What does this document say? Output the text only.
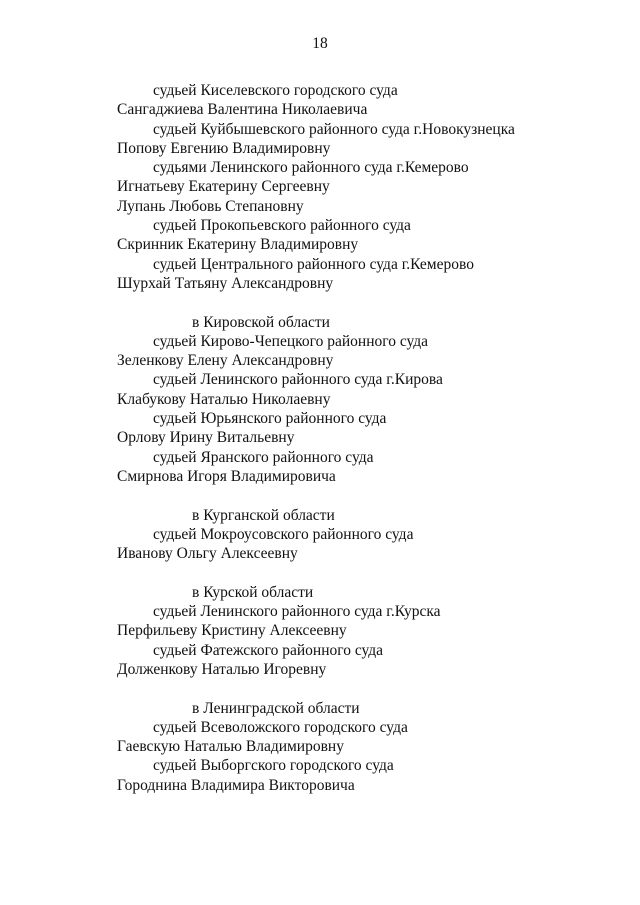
18
судьей Киселевского городского суда
Сангаджиева Валентина Николаевича
судьей Куйбышевского районного суда г.Новокузнецка
Попову Евгению Владимировну
судьями Ленинского районного суда г.Кемерово
Игнатьеву Екатерину Сергеевну
Лупань Любовь Степановну
судьей Прокопьевского районного суда
Скринник Екатерину Владимировну
судьей Центрального районного суда г.Кемерово
Шурхай Татьяну Александровну
в Кировской области
судьей Кирово-Чепецкого районного суда
Зеленкову Елену Александровну
судьей Ленинского районного суда г.Кирова
Клабукову Наталью Николаевну
судьей Юрьянского районного суда
Орлову Ирину Витальевну
судьей Яранского районного суда
Смирнова Игоря Владимировича
в Курганской области
судьей Мокроусовского районного суда
Иванову Ольгу Алексеевну
в Курской области
судьей Ленинского районного суда г.Курска
Перфильеву Кристину Алексеевну
судьей Фатежского районного суда
Долженкову Наталью Игоревну
в Ленинградской области
судьей Всеволожского городского суда
Гаевскую Наталью Владимировну
судьей Выборгского городского суда
Городнина Владимира Викторовича
